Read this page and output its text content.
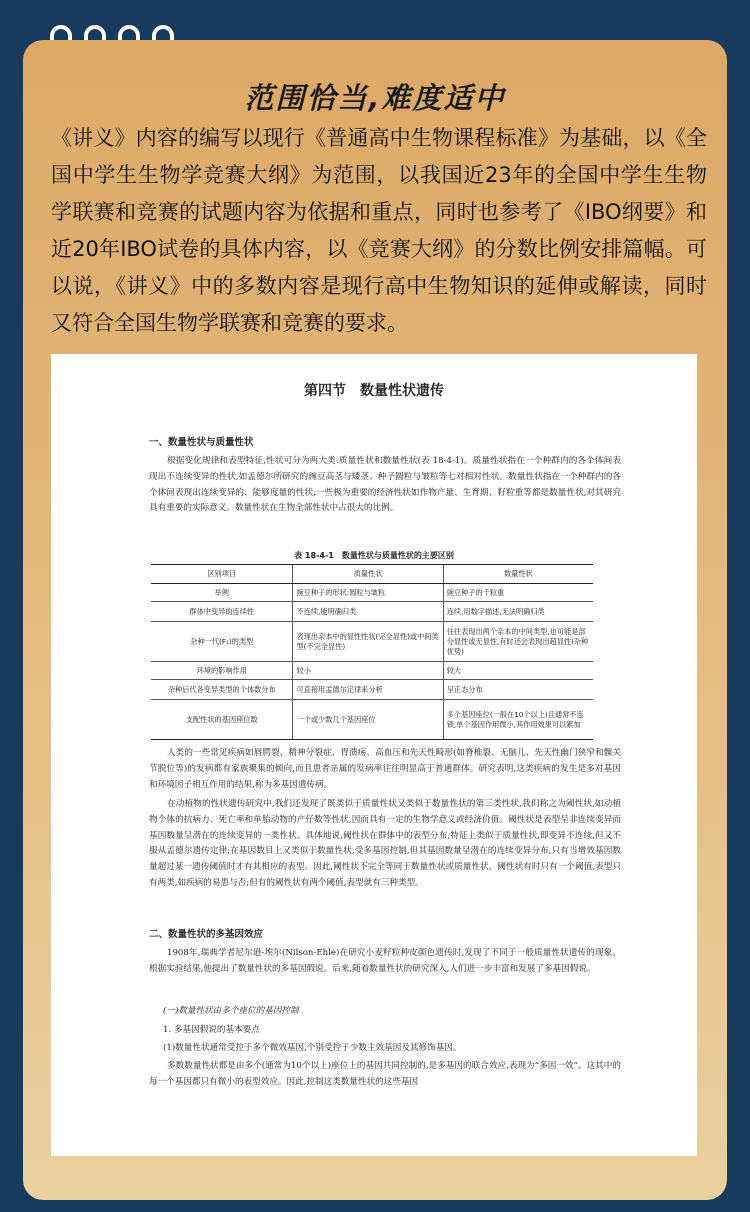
范围恰当,难度适中

《讲义》内容的编写以现行《普通高中生物课程标准》为基础，以《全国中学生生物学竞赛大纲》为范围，以我国近23年的全国中学生生物学联赛和竞赛的试题内容为依据和重点，同时也参考了《IBO纲要》和近20年IBO试卷的具体内容，以《竞赛大纲》的分数比例安排篇幅。可以说，《讲义》中的多数内容是现行高中生物知识的延伸或解读，同时又符合全国生物学联赛和竞赛的要求。

第四节　数量性状遗传
一、数量性状与质量性状

根据变化规律和表型特征,性状可分为两大类:质量性状和数量性状(表 18-4-1)。质量性状指在一个种群内的各个体间表现出不连续变异的性状,如孟德尔所研究的豌豆高茎与矮茎、种子圆粒与皱粒等七对相对性状。数量性状指在一个种群内的各个体间表现出连续变异的、能够度量的性状,一些极为重要的经济性状如作物产量、生育期、籽粒重等都是数量性状,对其研究具有重要的实际意义。数量性状在生物全部性状中占很大的比例。

表 18-4-1　数量性状与质量性状的主要区别

区别项目	质量性状	数量性状
举例	豌豆种子的形状:圆粒与皱粒	豌豆种子的千粒重
群体中变异的连续性	不连续,能明确归类	连续,用数字描述,无法明确归类
杂种一代(F₁)的类型	表现出亲本中的显性性状(完全显性)或中间类型(不完全显性)	往往表现出两个亲本的中间类型,也可能是部分显性或无显性,有时还会表现出超显性(杂种优势)
环境的影响作用	较小	较大
杂种后代各变异类型的个体数分布	可直接用孟德尔定律来分析	呈正态分布
支配性状的基因座位数	一个或少数几个基因座位	多个基因座位(一般在10个以上)且通常不连锁,单个基因作用微小,其作用效果可以累加

人类的一些常见疾病如唇腭裂、精神分裂症、胃溃疡、高血压和先天性畸形(如脊椎裂、无脑儿、先天性幽门狭窄和髋关节脱位等)的发病都有家族聚集的倾向,而且患者亲属的发病率往往明显高于普通群体。研究表明,这类疾病的发生是多对基因和环境因子相互作用的结果,称为多基因遗传病。

在动植物的性状遗传研究中,我们还发现了既类似于质量性状又类似于数量性状的第三类性状,我们称之为阈性状,如动植物个体的抗病力、死亡率和单胎动物的产仔数等性状,因而具有一定的生物学意义或经济价值。阈性状是表型呈非连续变异而基因数量呈潜在的连续变异的一类性状。具体地说,阈性状在群体中的表型分布,特征上类似于质量性状,即变异不连续,但又不服从孟德尔遗传定律;在基因数目上又类似于数量性状,受多基因控制,但其基因数量呈潜在的连续变异分布,只有当增效基因数量超过某一遗传阈值时才有其相应的表型。因此,阈性状不完全等同于数量性状或质量性状。阈性状有时只有一个阈值,表型只有两类,如疾病的易患与否;但有的阈性状有两个阈值,表型就有三种类型。

二、数量性状的多基因效应

1908年,瑞典学者尼尔逊-埃尔(Nilson-Ehle)在研究小麦籽粒种皮颜色遗传时,发现了不同于一般质量性状遗传的现象。根据实验结果,他提出了数量性状的多基因假说。后来,随着数量性状的研究深入,人们进一步丰富和发展了多基因假说。

(一)数量性状由多个座位的基因控制

1. 多基因假说的基本要点

(1)数量性状通常受控于多个微效基因,个别受控于少数主效基因及其修饰基因。

多数数量性状都是由多个(通常为10个以上)座位上的基因共同控制的,是多基因的联合效应,表现为“多因一效”。这其中的每一个基因都只有微小的表型效应。因此,控制这类数量性状的这些基因
